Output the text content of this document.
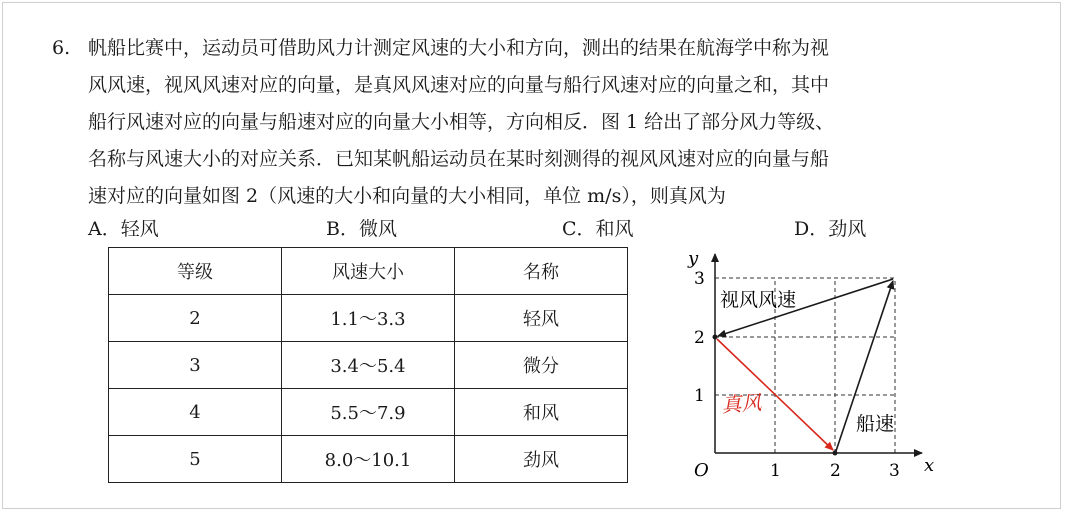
6. 帆船比赛中，运动员可借助风力计测定风速的大小和方向，测出的结果在航海学中称为视
风风速，视风风速对应的向量，是真风风速对应的向量与船行风速对应的向量之和，其中
船行风速对应的向量与船速对应的向量大小相等，方向相反．图 1 给出了部分风力等级、
名称与风速大小的对应关系．已知某帆船运动员在某时刻测得的视风风速对应的向量与船
速对应的向量如图 2（风速的大小和向量的大小相同，单位 m/s），则真风为
A．轻风	B．微风	C．和风	D．劲风
等级	风速大小	名称
2	1.1～3.3	轻风
3	3.4～5.4	微分
4	5.5～7.9	和风
5	8.0～10.1	劲风	x
y
O	1	2	3
1
2
3
视风风速
船速
真风
